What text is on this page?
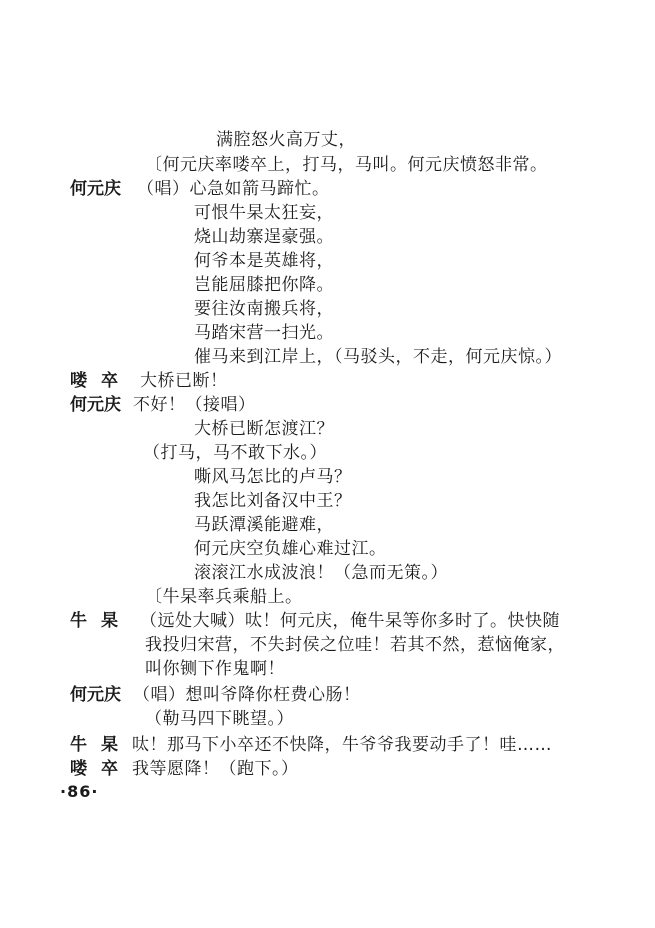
满腔怒火高万丈，
〔何元庆率喽卒上，打马，马叫。何元庆愤怒非常。
何元庆 （唱）心急如箭马蹄忙。
可恨牛杲太狂妄，
烧山劫寨逞豪强。
何爷本是英雄将，
岂能屈膝把你降。
要往汝南搬兵将，
马踏宋营一扫光。
催马来到江岸上，（马驳头，不走，何元庆惊。）
喽卒 大桥已断！
何元庆 不好！（接唱）
大桥已断怎渡江？
（打马，马不敢下水。）
嘶风马怎比的卢马？
我怎比刘备汉中王？
马跃潭溪能避难，
何元庆空负雄心难过江。
滚滚江水成波浪！（急而无策。）
〔牛杲率兵乘船上。
牛杲 （远处大喊）呔！何元庆，俺牛杲等你多时了。快快随
我投归宋营，不失封侯之位哇！若其不然，惹恼俺家，
叫你铡下作鬼啊！
何元庆 （唱）想叫爷降你枉费心肠！
（勒马四下眺望。）
牛杲呔！那马下小卒还不快降，牛爷爷我要动手了！哇……
喽卒我等愿降！（跑下。）
·86·
